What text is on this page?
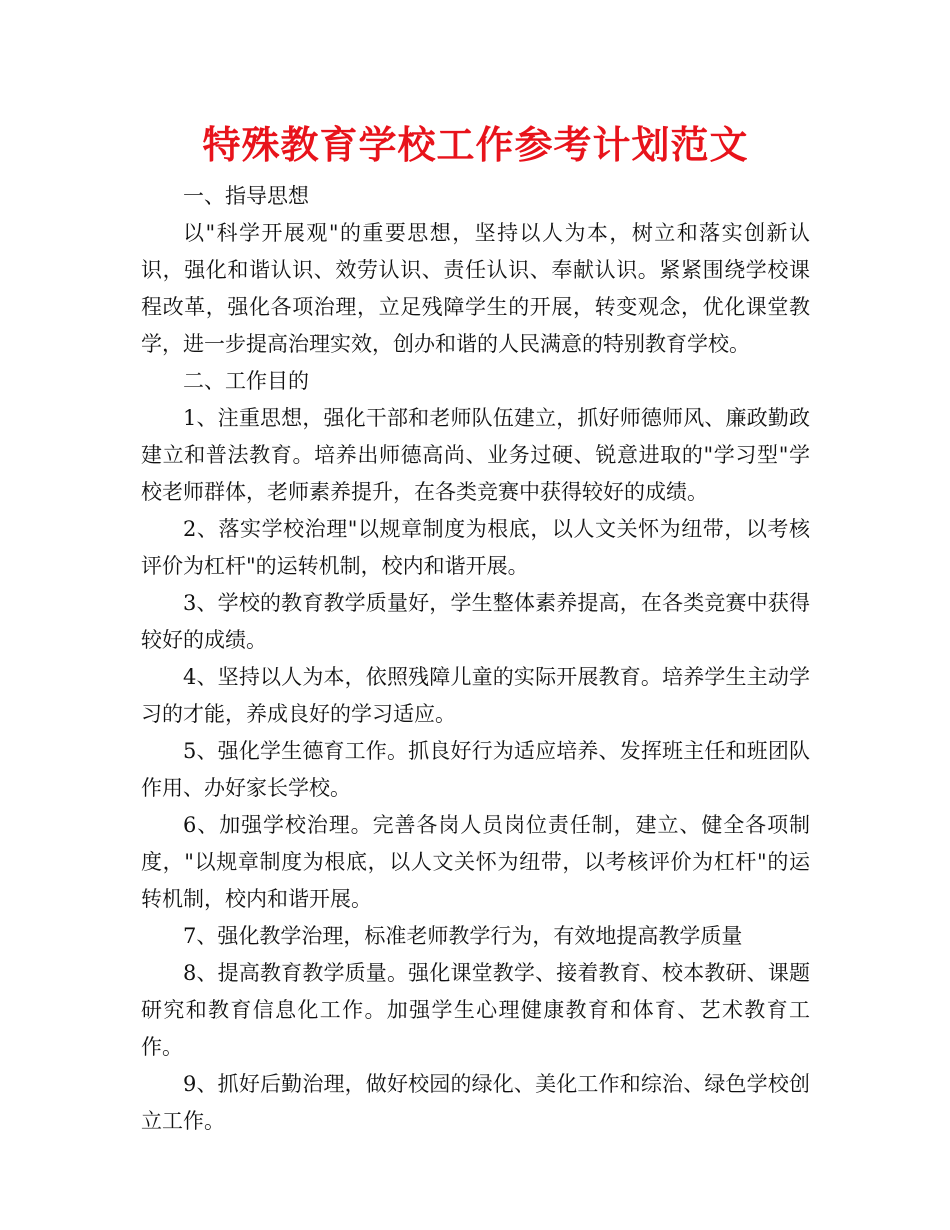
特殊教育学校工作参考计划范文

一、指导思想

以"科学开展观"的重要思想，坚持以人为本，树立和落实创新认识，强化和谐认识、效劳认识、责任认识、奉献认识。紧紧围绕学校课程改革，强化各项治理，立足残障学生的开展，转变观念，优化课堂教学，进一步提高治理实效，创办和谐的人民满意的特别教育学校。

二、工作目的

1、注重思想，强化干部和老师队伍建立，抓好师德师风、廉政勤政建立和普法教育。培养出师德高尚、业务过硬、锐意进取的"学习型"学校老师群体，老师素养提升，在各类竞赛中获得较好的成绩。

2、落实学校治理"以规章制度为根底，以人文关怀为纽带，以考核评价为杠杆"的运转机制，校内和谐开展。

3、学校的教育教学质量好，学生整体素养提高，在各类竞赛中获得较好的成绩。

4、坚持以人为本，依照残障儿童的实际开展教育。培养学生主动学习的才能，养成良好的学习适应。

5、强化学生德育工作。抓良好行为适应培养、发挥班主任和班团队作用、办好家长学校。

6、加强学校治理。完善各岗人员岗位责任制，建立、健全各项制度，"以规章制度为根底，以人文关怀为纽带，以考核评价为杠杆"的运转机制，校内和谐开展。

7、强化教学治理，标准老师教学行为，有效地提高教学质量

8、提高教育教学质量。强化课堂教学、接着教育、校本教研、课题研究和教育信息化工作。加强学生心理健康教育和体育、艺术教育工作。

9、抓好后勤治理，做好校园的绿化、美化工作和综治、绿色学校创立工作。
